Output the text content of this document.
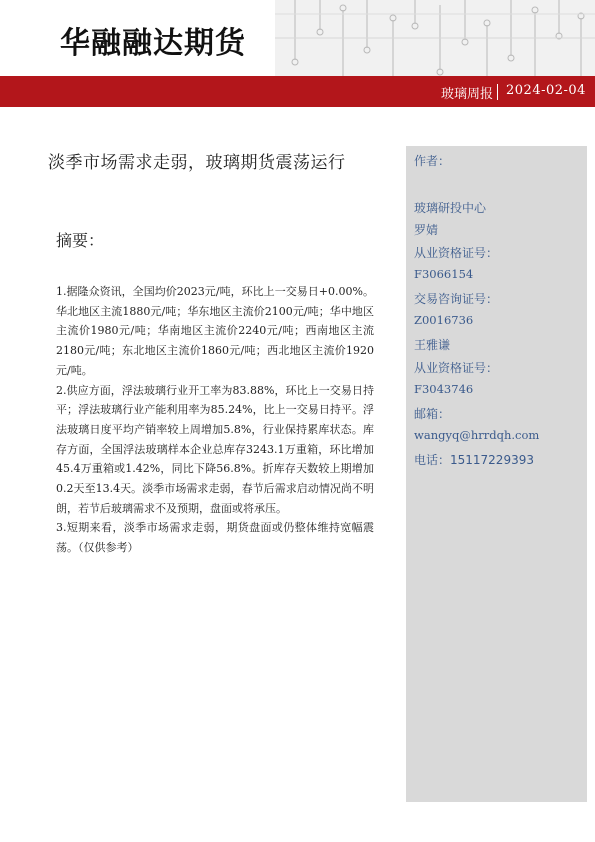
华融融达期货
玻璃周报 2024-02-04
淡季市场需求走弱，玻璃期货震荡运行	作者：
玻璃研投中心
罗婧
从业资格证号：
F3066154
交易咨询证号：
Z0016736
王雅谦
从业资格证号：
F3043746
邮箱：
wangyq@hrrdqh.com
电话：15117229393
摘要：

1.据隆众资讯，全国均价2023元/吨，环比上一交易日+0.00%。华北地区主流1880元/吨；华东地区主流价2100元/吨；华中地区主流价1980元/吨；华南地区主流价2240元/吨；西南地区主流2180元/吨；东北地区主流价1860元/吨；西北地区主流价1920元/吨。

2.供应方面，浮法玻璃行业开工率为83.88%，环比上一交易日持平；浮法玻璃行业产能利用率为85.24%，比上一交易日持平。浮法玻璃日度平均产销率较上周增加5.8%，行业保持累库状态。库存方面，全国浮法玻璃样本企业总库存3243.1万重箱，环比增加45.4万重箱或1.42%，同比下降56.8%。折库存天数较上期增加0.2天至13.4天。淡季市场需求走弱，春节后需求启动情况尚不明朗，若节后玻璃需求不及预期，盘面或将承压。

3.短期来看，淡季市场需求走弱，期货盘面或仍整体维持宽幅震荡。（仅供参考）
